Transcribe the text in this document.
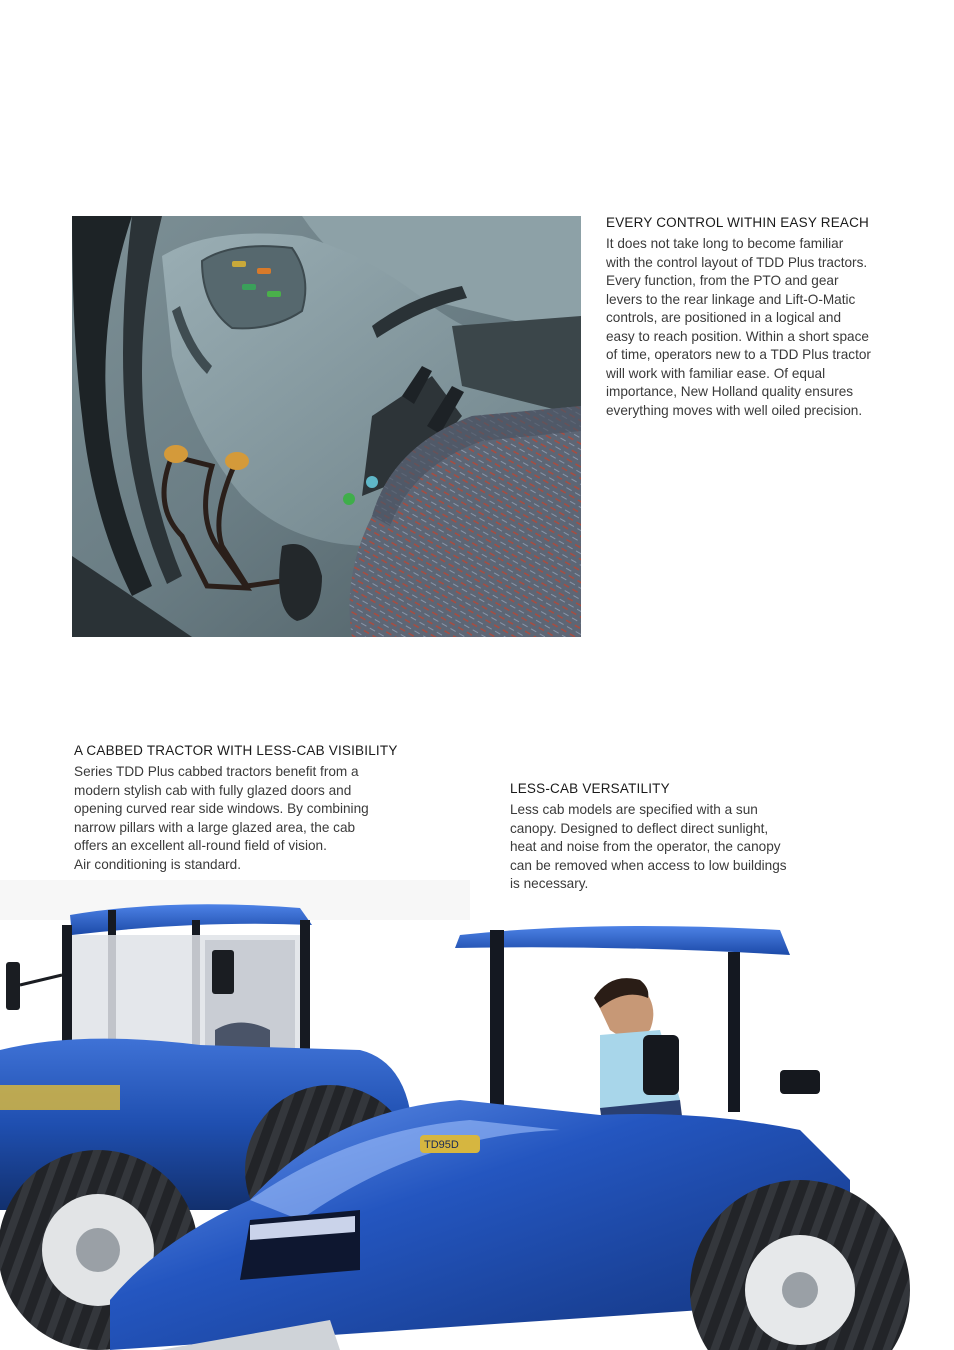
EVERY CONTROL WITHIN EASY REACH
It does not take long to become familiar
with the control layout of TDD Plus tractors.
Every function, from the PTO and gear
levers to the rear linkage and Lift-O-Matic
controls, are positioned in a logical and
easy to reach position. Within a short space
of time, operators new to a TDD Plus tractor
will work with familiar ease. Of equal
importance, New Holland quality ensures
everything moves with well oiled precision.
A CABBED TRACTOR WITH LESS-CAB VISIBILITY
Series TDD Plus cabbed tractors benefit from a
modern stylish cab with fully glazed doors and
opening curved rear side windows. By combining
narrow pillars with a large glazed area, the cab
offers an excellent all-round field of vision.
Air conditioning is standard.
LESS-CAB VERSATILITY
Less cab models are specified with a sun
canopy. Designed to deflect direct sunlight,
heat and noise from the operator, the canopy
can be removed when access to low buildings
is necessary.
TD95D
